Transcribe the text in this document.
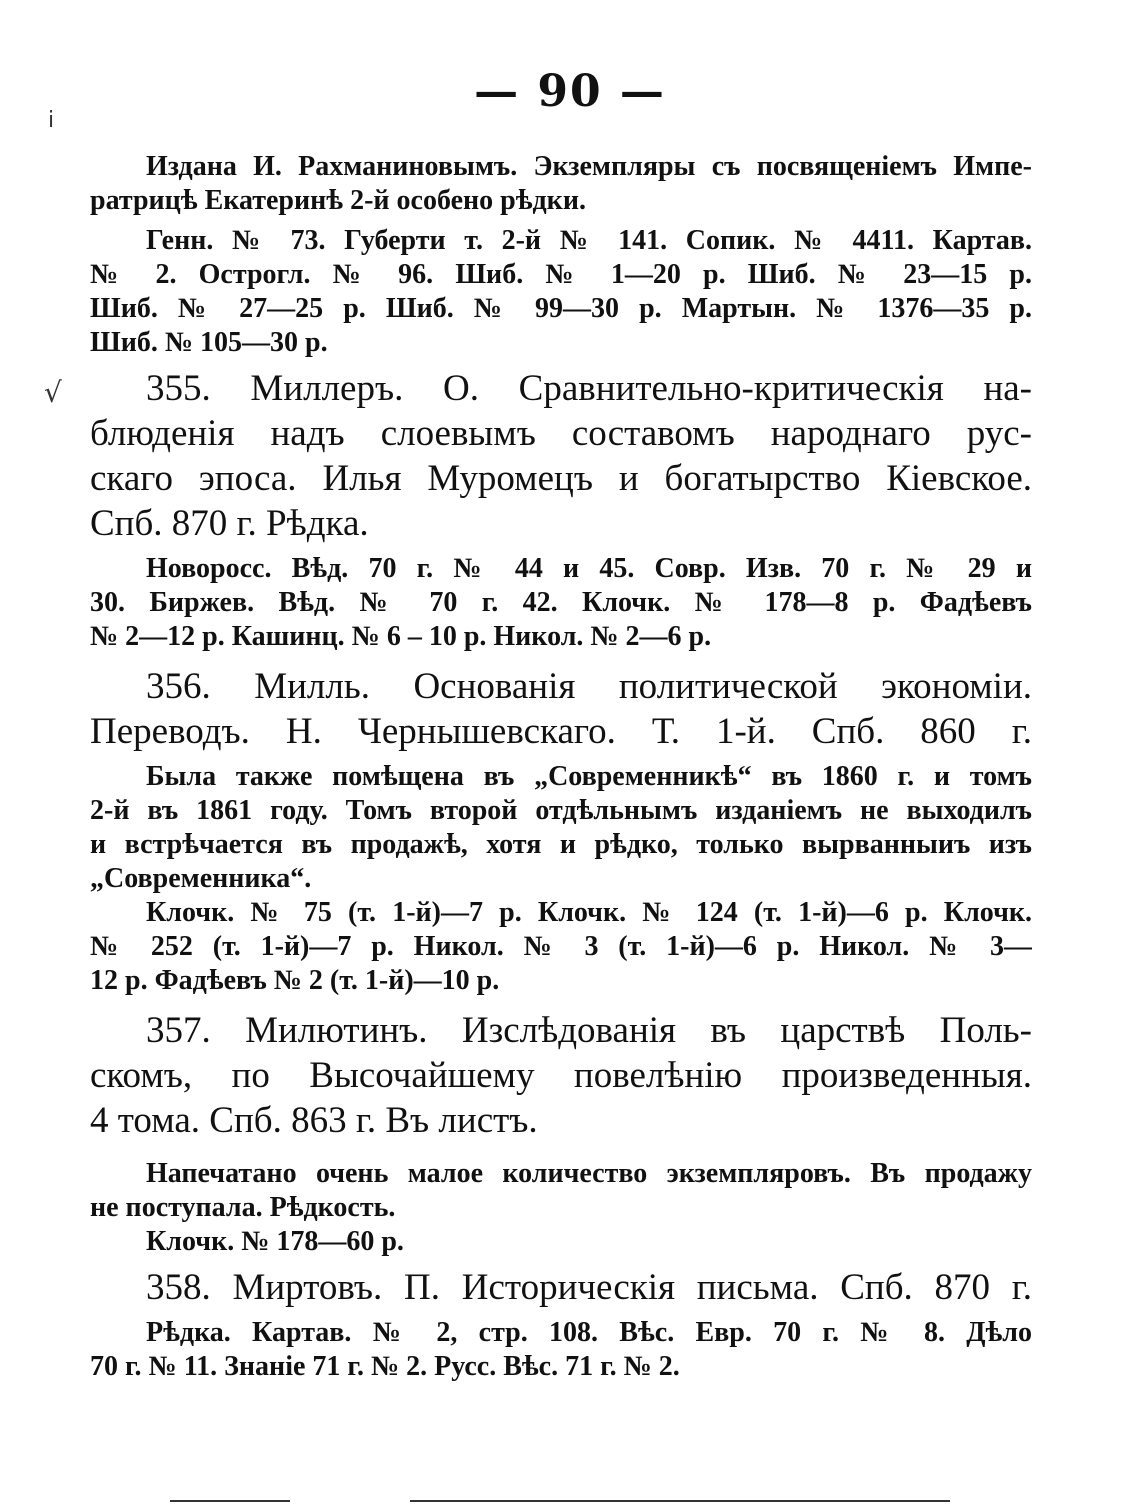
— 90 —
ⅰ
√
Издана И. Рахманиновымъ. Экземпляры съ посвященіемъ Импе-
ратрицѣ Екатеринѣ 2-й особено рѣдки.
Генн. № 73. Губерти т. 2-й № 141. Сопик. № 4411. Картав.
№ 2. Острогл. № 96. Шиб. № 1—20 р. Шиб. № 23—15 р.
Шиб. № 27—25 р. Шиб. № 99—30 р. Мартын. № 1376—35 р.
Шиб. № 105—30 р.
355. Миллеръ. О. Сравнительно-критическія на-
блюденія надъ слоевымъ составомъ народнаго рус-
скаго эпоса. Илья Муромецъ и богатырство Кіевское.
Спб. 870 г. Рѣдка.
Новоросс. Вѣд. 70 г. № 44 и 45. Совр. Изв. 70 г. № 29 и
30. Биржев. Вѣд. № 70 г. 42. Клочк. № 178—8 р. Фадѣевъ
№ 2—12 р. Кашинц. № 6 – 10 р. Никол. № 2—6 р.
356. Милль. Основанія политической экономіи.
Переводъ. Н. Чернышевскаго. Т. 1-й. Спб. 860 г.
Была также помѣщена въ „Современникѣ“ въ 1860 г. и томъ
2-й въ 1861 году. Томъ второй отдѣльнымъ изданіемъ не выходилъ
и встрѣчается въ продажѣ, хотя и рѣдко, только вырванныиъ изъ
„Современника“.
Клочк. № 75 (т. 1-й)—7 р. Клочк. № 124 (т. 1-й)—6 р. Клочк.
№ 252 (т. 1-й)—7 р. Никол. № 3 (т. 1-й)—6 р. Никол. № 3—
12 р. Фадѣевъ № 2 (т. 1-й)—10 р.
357. Милютинъ. Изслѣдованія въ царствѣ Поль-
скомъ, по Высочайшему повелѣнію произведенныя.
4 тома. Спб. 863 г. Въ листъ.
Напечатано очень малое количество экземпляровъ. Въ продажу
не поступала. Рѣдкость.
Клочк. № 178—60 р.
358. Миртовъ. П. Историческія письма. Спб. 870 г.
Рѣдка. Картав. № 2, стр. 108. Вѣс. Евр. 70 г. № 8. Дѣло
70 г. № 11. Знаніе 71 г. № 2. Русс. Вѣс. 71 г. № 2.
